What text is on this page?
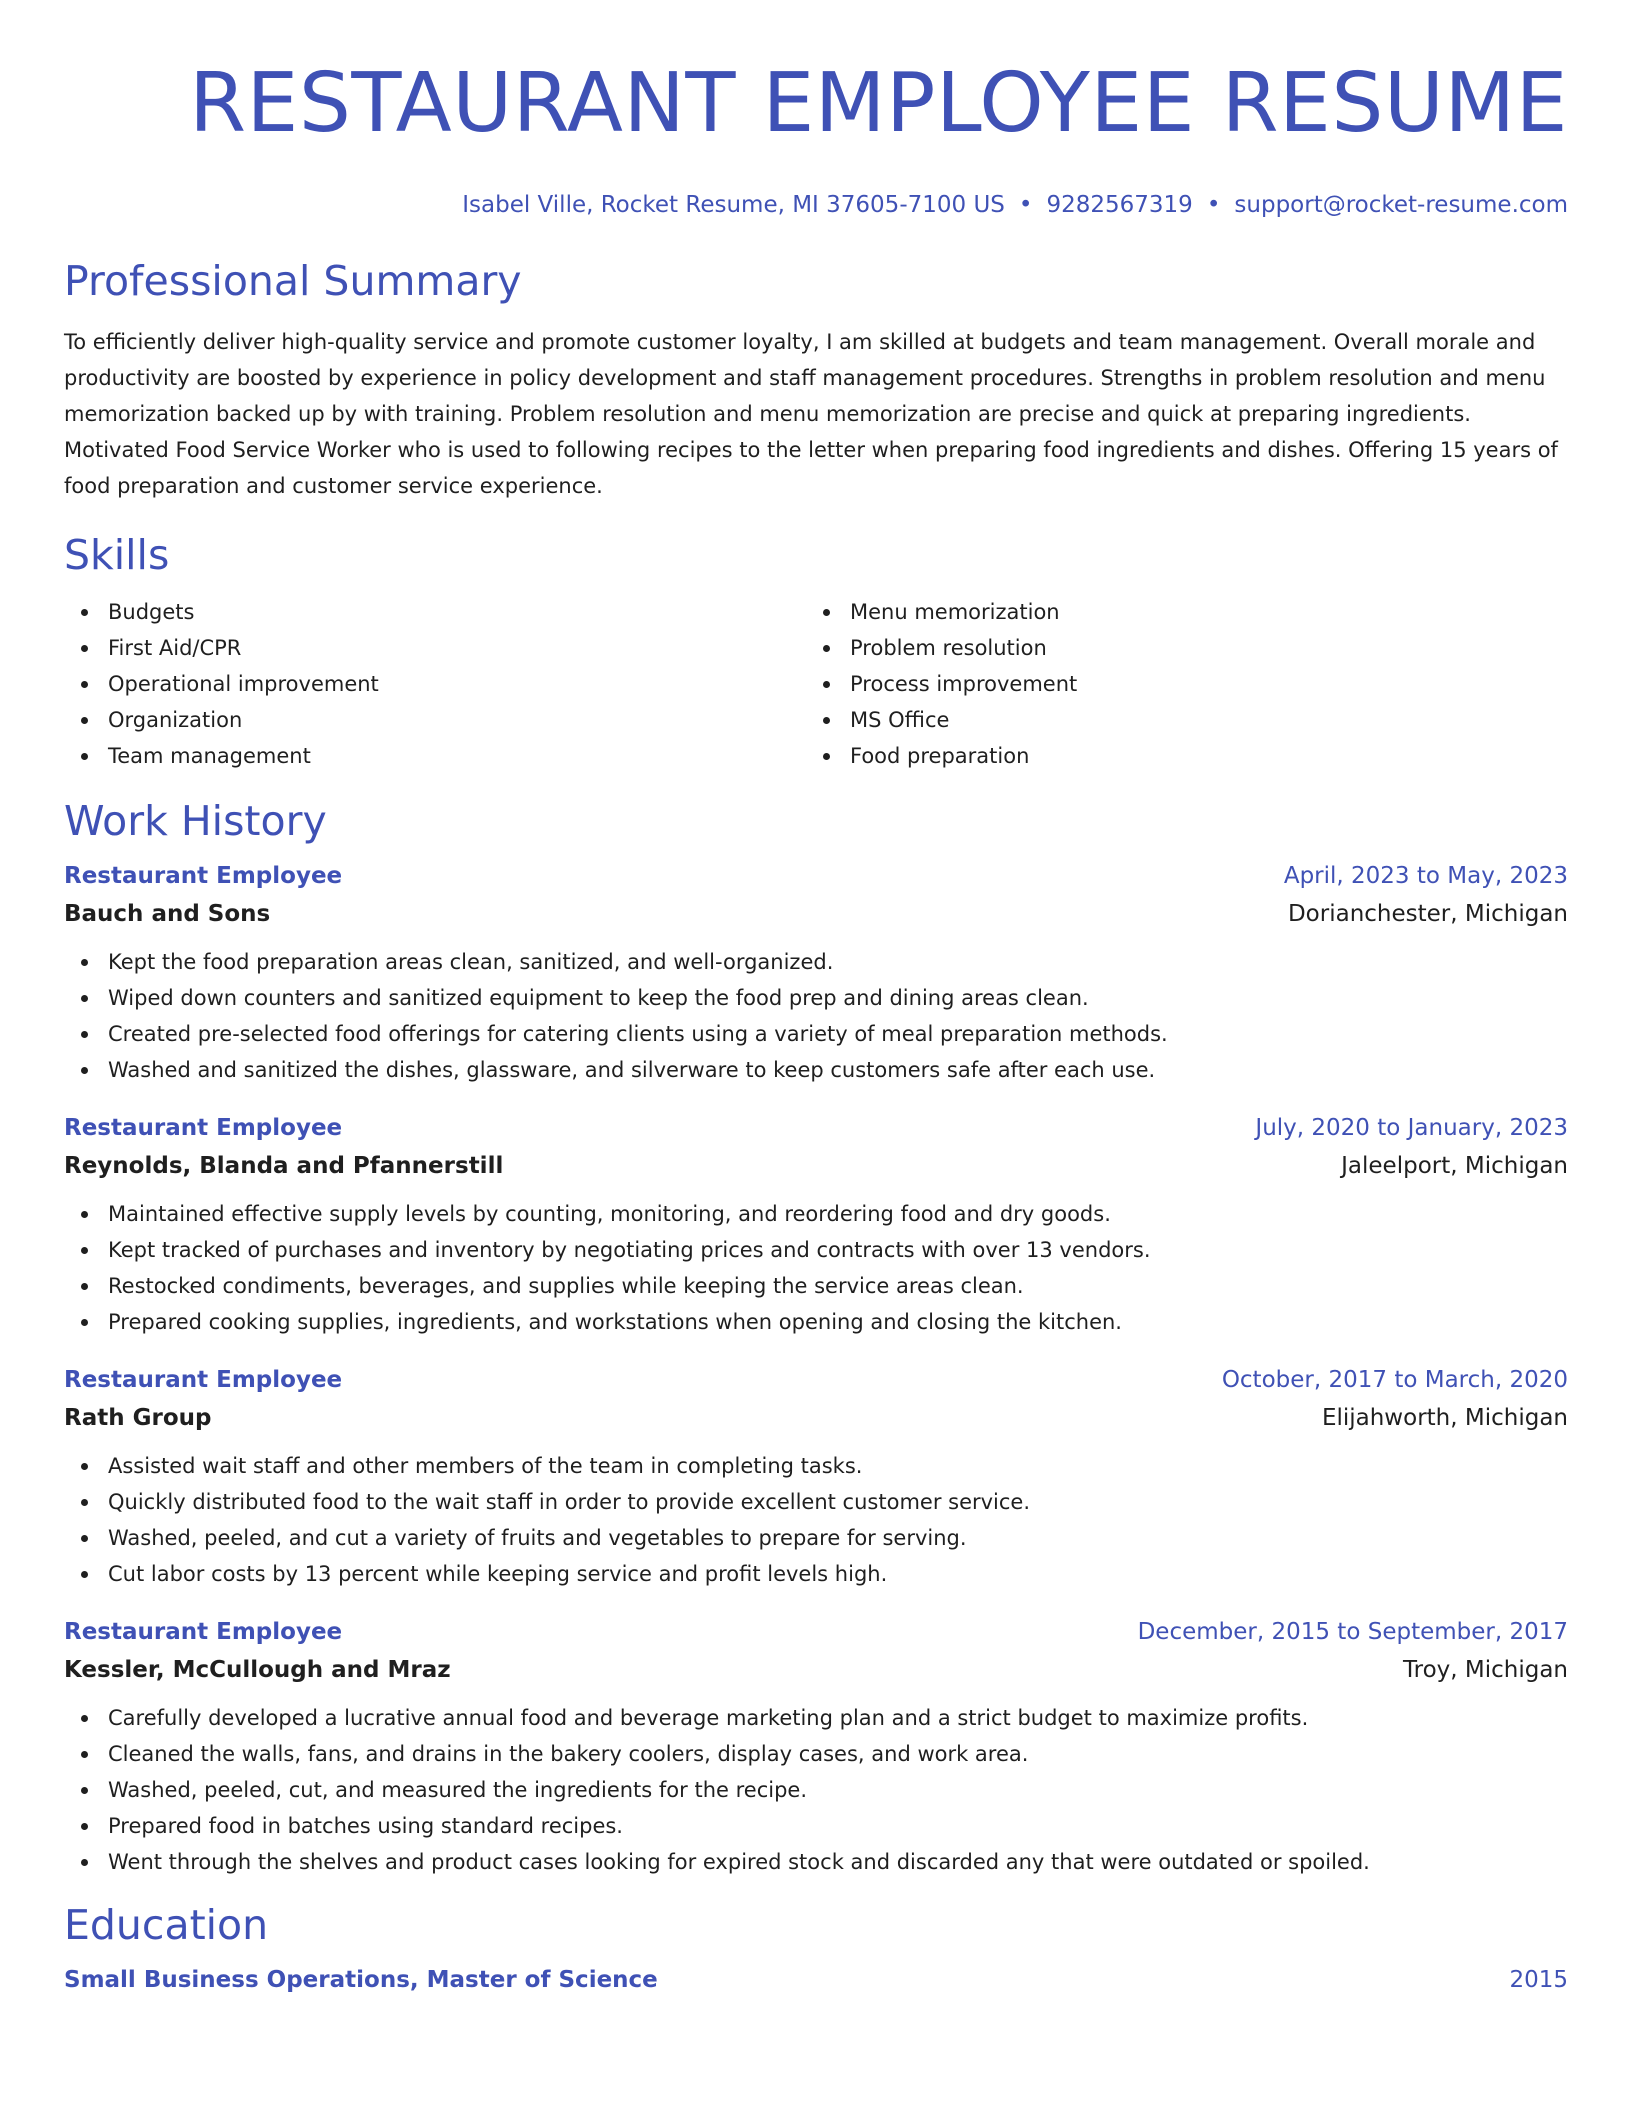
RESTAURANT EMPLOYEE RESUME
Isabel Ville, Rocket Resume, MI 37605-7100 US • 9282567319 • support@rocket-resume.com
Professional Summary

To efficiently deliver high-quality service and promote customer loyalty, I am skilled at budgets and team management. Overall morale and productivity are boosted by experience in policy development and staff management procedures. Strengths in problem resolution and menu memorization backed up by with training. Problem resolution and menu memorization are precise and quick at preparing ingredients. Motivated Food Service Worker who is used to following recipes to the letter when preparing food ingredients and dishes. Offering 15 years of food preparation and customer service experience.

Skills
Budgets
First Aid/CPR
Operational improvement
Organization
Team management
Menu memorization
Problem resolution
Process improvement
MS Office
Food preparation
Work History
Restaurant Employee	April, 2023 to May, 2023
Bauch and Sons	Dorianchester, Michigan
Kept the food preparation areas clean, sanitized, and well-organized.
Wiped down counters and sanitized equipment to keep the food prep and dining areas clean.
Created pre-selected food offerings for catering clients using a variety of meal preparation methods.
Washed and sanitized the dishes, glassware, and silverware to keep customers safe after each use.
Restaurant Employee	July, 2020 to January, 2023
Reynolds, Blanda and Pfannerstill	Jaleelport, Michigan
Maintained effective supply levels by counting, monitoring, and reordering food and dry goods.
Kept tracked of purchases and inventory by negotiating prices and contracts with over 13 vendors.
Restocked condiments, beverages, and supplies while keeping the service areas clean.
Prepared cooking supplies, ingredients, and workstations when opening and closing the kitchen.
Restaurant Employee	October, 2017 to March, 2020
Rath Group	Elijahworth, Michigan
Assisted wait staff and other members of the team in completing tasks.
Quickly distributed food to the wait staff in order to provide excellent customer service.
Washed, peeled, and cut a variety of fruits and vegetables to prepare for serving.
Cut labor costs by 13 percent while keeping service and profit levels high.
Restaurant Employee	December, 2015 to September, 2017
Kessler, McCullough and Mraz	Troy, Michigan
Carefully developed a lucrative annual food and beverage marketing plan and a strict budget to maximize profits.
Cleaned the walls, fans, and drains in the bakery coolers, display cases, and work area.
Washed, peeled, cut, and measured the ingredients for the recipe.
Prepared food in batches using standard recipes.
Went through the shelves and product cases looking for expired stock and discarded any that were outdated or spoiled.
Education
Small Business Operations, Master of Science	2015
